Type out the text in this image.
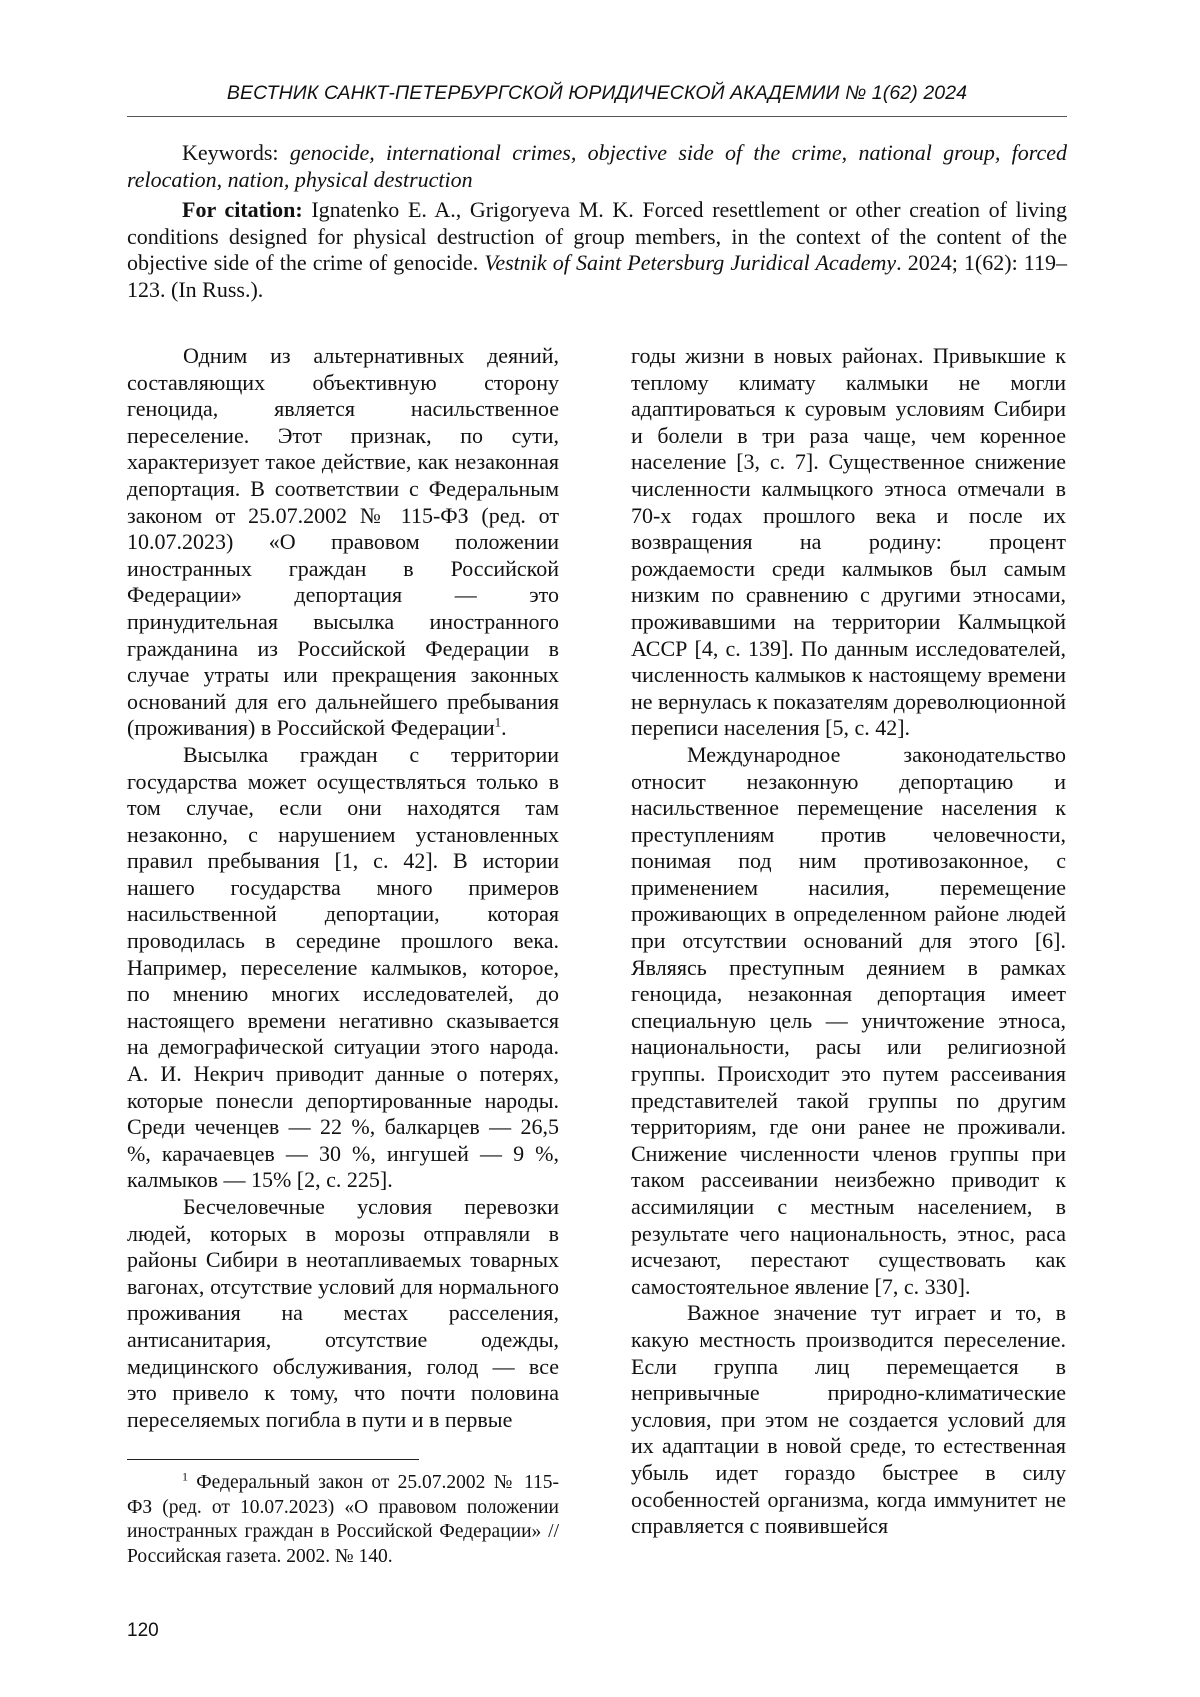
ВЕСТНИК САНКТ-ПЕТЕРБУРГСКОЙ ЮРИДИЧЕСКОЙ АКАДЕМИИ № 1(62) 2024

Keywords: genocide, international crimes, objective side of the crime, national group, forced relocation, nation, physical destruction

For citation: Ignatenko E. A., Grigoryeva M. K. Forced resettlement or other creation of living conditions designed for physical destruction of group members, in the context of the content of the objective side of the crime of genocide. Vestnik of Saint Petersburg Juridical Academy. 2024; 1(62): 119–123. (In Russ.).

Одним из альтернативных деяний, составляющих объективную сторону геноцида, является насильственное переселение. Этот признак, по сути, характеризует такое действие, как незаконная депортация. В соответствии с Федеральным законом от 25.07.2002 № 115-ФЗ (ред. от 10.07.2023) «О правовом положении иностранных граждан в Российской Федерации» депортация — это принудительная высылка иностранного гражданина из Российской Федерации в случае утраты или прекращения законных оснований для его дальнейшего пребывания (проживания) в Российской Федерации$^1$.

Высылка граждан с территории государства может осуществляться только в том случае, если они находятся там незаконно, с нарушением установленных правил пребывания [1, с. 42]. В истории нашего государства много примеров насильственной депортации, которая проводилась в середине прошлого века. Например, переселение калмыков, которое, по мнению многих исследователей, до настоящего времени негативно сказывается на демографической ситуации этого народа. А. И. Некрич приводит данные о потерях, которые понесли депортированные народы. Среди чеченцев — 22 %, балкарцев — 26,5 %, карачаевцев — 30 %, ингушей — 9 %, калмыков — 15% [2, с. 225].

Бесчеловечные условия перевозки людей, которых в морозы отправляли в районы Сибири в неотапливаемых товарных вагонах, отсутствие условий для нормального проживания на местах расселения, антисанитария, отсутствие одежды, медицинского обслуживания, голод — все это привело к тому, что почти половина переселяемых погибла в пути и в первые

годы жизни в новых районах. Привыкшие к теплому климату калмыки не могли адаптироваться к суровым условиям Сибири и болели в три раза чаще, чем коренное население [3, с. 7]. Существенное снижение численности калмыцкого этноса отмечали в 70-х годах прошлого века и после их возвращения на родину: процент рождаемости среди калмыков был самым низким по сравнению с другими этносами, проживавшими на территории Калмыцкой АССР [4, с. 139]. По данным исследователей, численность калмыков к настоящему времени не вернулась к показателям дореволюционной переписи населения [5, с. 42].

Международное законодательство относит незаконную депортацию и насильственное перемещение населения к преступлениям против человечности, понимая под ним противозаконное, с применением насилия, перемещение проживающих в определенном районе людей при отсутствии оснований для этого [6]. Являясь преступным деянием в рамках геноцида, незаконная депортация имеет специальную цель — уничтожение этноса, национальности, расы или религиозной группы. Происходит это путем рассеивания представителей такой группы по другим территориям, где они ранее не проживали. Снижение численности членов группы при таком рассеивании неизбежно приводит к ассимиляции с местным населением, в результате чего национальность, этнос, раса исчезают, перестают существовать как самостоятельное явление [7, с. 330].

Важное значение тут играет и то, в какую местность производится переселение. Если группа лиц перемещается в непривычные природно-климатические условия, при этом не создается условий для их адаптации в новой среде, то естественная убыль идет гораздо быстрее в силу особенностей организма, когда иммунитет не справляется с появившейся

$^1$ Федеральный закон от 25.07.2002 № 115-ФЗ (ред. от 10.07.2023) «О правовом положении иностранных граждан в Российской Федерации» // Российская газета. 2002. № 140.

120
